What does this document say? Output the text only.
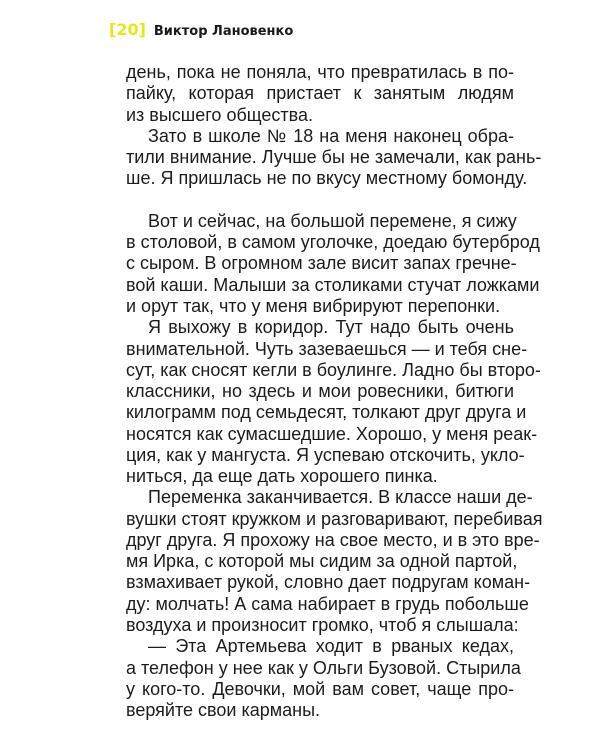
[20] Виктор Лановенко
день, пока не поняла, что превратилась в по-
пайку, которая пристает к занятым людям
из высшего общества.
Зато в школе № 18 на меня наконец обра-
тили внимание. Лучше бы не замечали, как рань-
ше. Я пришлась не по вкусу местному бомонду.
Вот и сейчас, на большой перемене, я сижу
в столовой, в самом уголочке, доедаю бутерброд
с сыром. В огромном зале висит запах гречне-
вой каши. Малыши за столиками стучат ложками
и орут так, что у меня вибрируют перепонки.
Я выхожу в коридор. Тут надо быть очень
внимательной. Чуть зазеваешься — и тебя сне-
сут, как сносят кегли в боулинге. Ладно бы второ-
классники, но здесь и мои ровесники, битюги
килограмм под семьдесят, толкают друг друга и
носятся как сумасшедшие. Хорошо, у меня реак-
ция, как у мангуста. Я успеваю отскочить, укло-
ниться, да еще дать хорошего пинка.
Переменка заканчивается. В классе наши де-
вушки стоят кружком и разговаривают, перебивая
друг друга. Я прохожу на свое место, и в это вре-
мя Ирка, с которой мы сидим за одной партой,
взмахивает рукой, словно дает подругам коман-
ду: молчать! А сама набирает в грудь побольше
воздуха и произносит громко, чтоб я слышала:
— Эта Артемьева ходит в рваных кедах,
а телефон у нее как у Ольги Бузовой. Стырила
у кого-то. Девочки, мой вам совет, чаще про-
веряйте свои карманы.
